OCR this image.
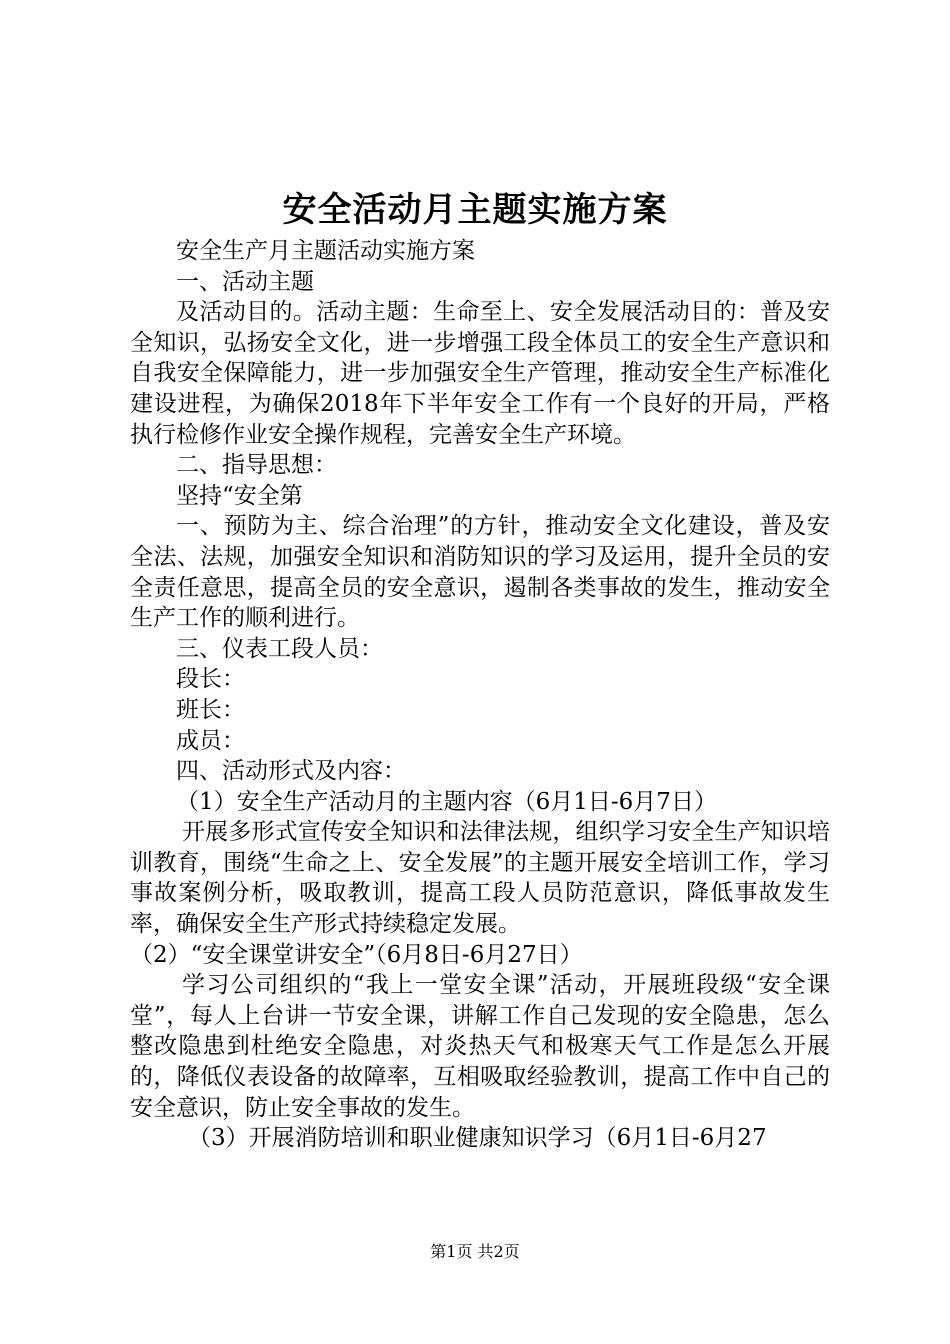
安全活动月主题实施方案

安全生产月主题活动实施方案

一、活动主题

及活动目的。活动主题：生命至上、安全发展活动目的：普及安全知识，弘扬安全文化，进一步增强工段全体员工的安全生产意识和自我安全保障能力，进一步加强安全生产管理，推动安全生产标准化建设进程，为确保2018年下半年安全工作有一个良好的开局，严格执行检修作业安全操作规程，完善安全生产环境。

二、指导思想：

坚持“安全第

一、预防为主、综合治理”的方针，推动安全文化建设，普及安全法、法规，加强安全知识和消防知识的学习及运用，提升全员的安全责任意思，提高全员的安全意识，遏制各类事故的发生，推动安全生产工作的顺利进行。

三、仪表工段人员：

段长：

班长：

成员：

四、活动形式及内容：

（1）安全生产活动月的主题内容（6月1日-6月7日）

开展多形式宣传安全知识和法律法规，组织学习安全生产知识培训教育，围绕“生命之上、安全发展”的主题开展安全培训工作，学习事故案例分析，吸取教训，提高工段人员防范意识，降低事故发生率，确保安全生产形式持续稳定发展。

（2）“安全课堂讲安全”（6月8日-6月27日）

学习公司组织的“我上一堂安全课”活动，开展班段级“安全课堂”，每人上台讲一节安全课，讲解工作自己发现的安全隐患，怎么整改隐患到杜绝安全隐患，对炎热天气和极寒天气工作是怎么开展的，降低仪表设备的故障率，互相吸取经验教训，提高工作中自己的安全意识，防止安全事故的发生。

（3）开展消防培训和职业健康知识学习（6月1日-6月27

第1页 共2页
